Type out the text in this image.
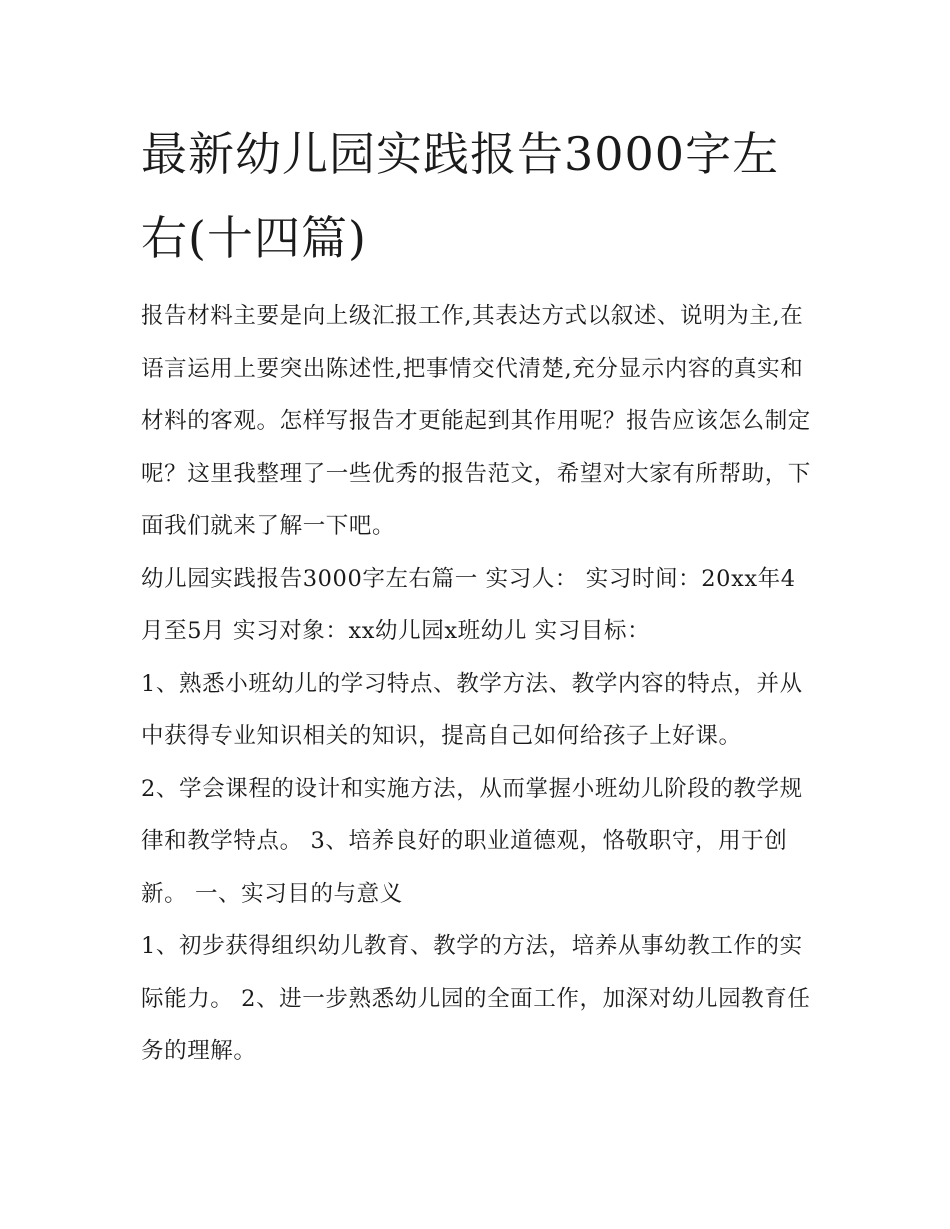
最新幼儿园实践报告3000字左右(十四篇)

报告材料主要是向上级汇报工作,其表达方式以叙述、说明为主,在语言运用上要突出陈述性,把事情交代清楚,充分显示内容的真实和材料的客观。怎样写报告才更能起到其作用呢？报告应该怎么制定呢？这里我整理了一些优秀的报告范文，希望对大家有所帮助，下面我们就来了解一下吧。

幼儿园实践报告3000字左右篇一 实习人： 实习时间：20xx年4月至5月 实习对象：xx幼儿园x班幼儿 实习目标：

1、熟悉小班幼儿的学习特点、教学方法、教学内容的特点，并从中获得专业知识相关的知识，提高自己如何给孩子上好课。

2、学会课程的设计和实施方法，从而掌握小班幼儿阶段的教学规律和教学特点。 3、培养良好的职业道德观，恪敬职守，用于创新。 一、实习目的与意义

1、初步获得组织幼儿教育、教学的方法，培养从事幼教工作的实际能力。 2、进一步熟悉幼儿园的全面工作，加深对幼儿园教育任务的理解。
